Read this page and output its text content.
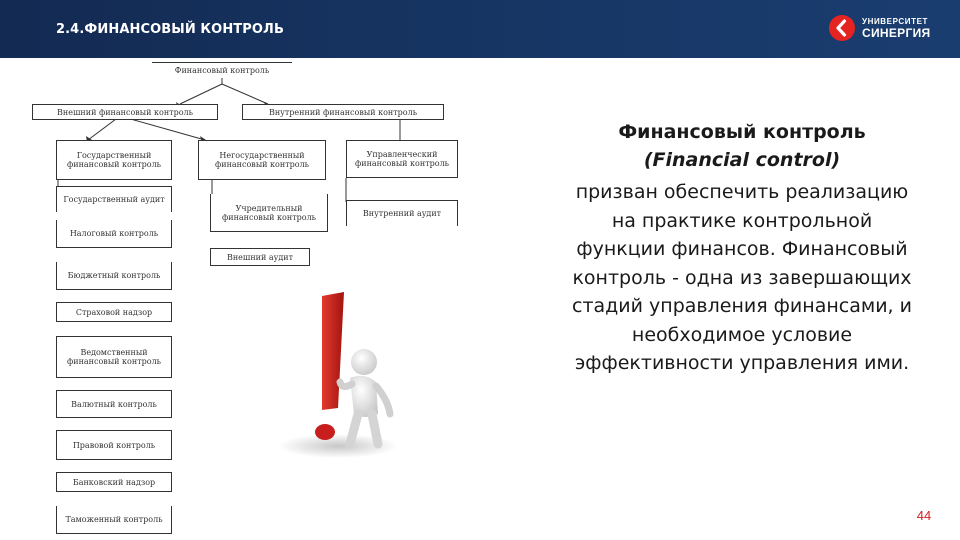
2.4.ФИНАНСОВЫЙ КОНТРОЛЬ
УНИВЕРСИТЕТ
СИНЕРГИЯ
Финансовый контроль
Внешний финансовый контроль	Внутренний финансовый контроль
Государственный финансовый контроль
Негосударственный финансовый контроль
Управленческий финансовый контроль
Государственный аудит
Налоговый контроль
Бюджетный контроль
Страховой надзор
Ведомственный финансовый контроль
Валютный контроль
Правовой контроль
Банковский надзор
Таможенный контроль
Учредительный финансовый контроль
Внешний аудит
Внутренний аудит
Финансовый контроль
(Financial control)
призван обеспечить реализацию на практике контрольной функции финансов. Финансовый контроль - одна из завершающих стадий управления финансами, и необходимое условие эффективности управления ими.
44
